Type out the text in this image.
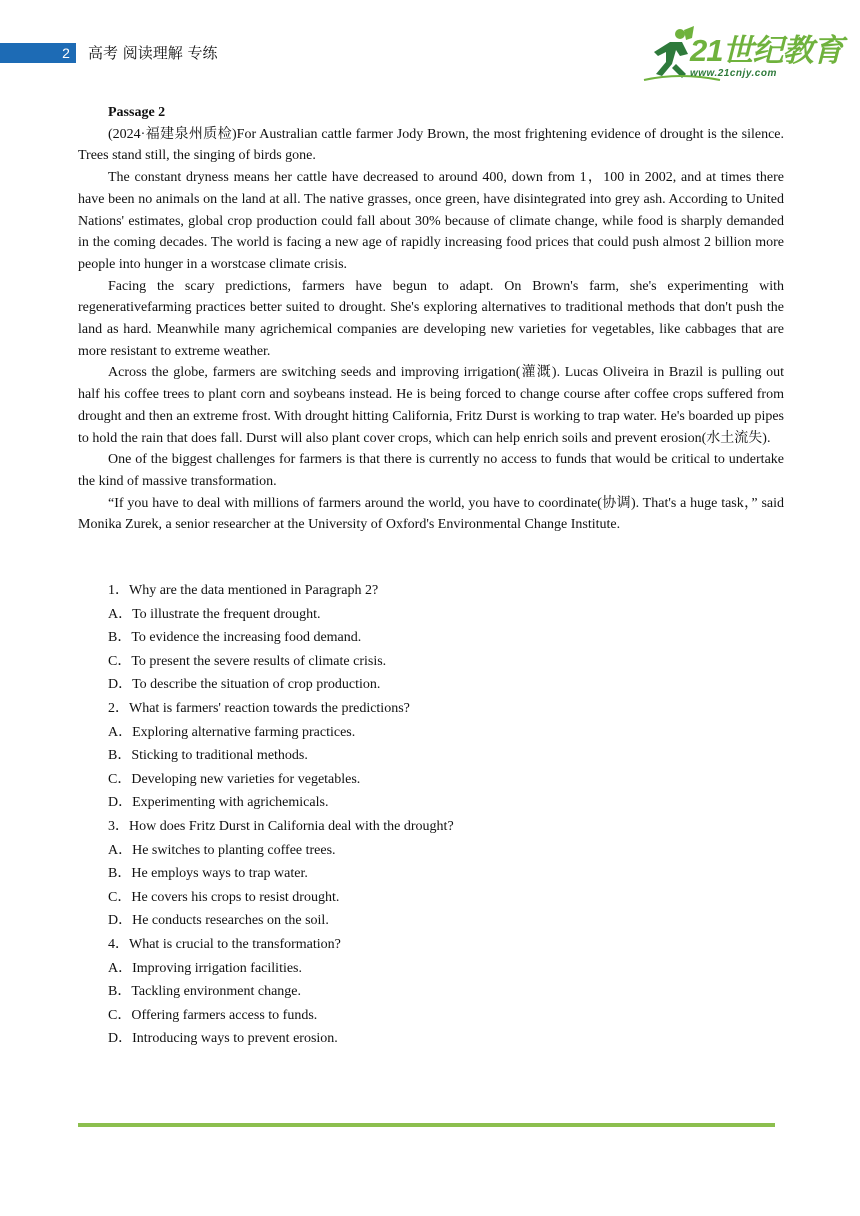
2 高考 阅读理解 专练	21世纪教育
www.21cnjy.com

Passage 2

(2024·福建泉州质检)For Australian cattle farmer Jody Brown, the most frightening evidence of drought is the silence. Trees stand still, the singing of birds gone.

The constant dryness means her cattle have decreased to around 400, down from 1，100 in 2002, and at times there have been no animals on the land at all. The native grasses, once green, have disintegrated into grey ash. According to United Nations' estimates, global crop production could fall about 30% because of climate change, while food is sharply demanded in the coming decades. The world is facing a new age of rapidly increasing food prices that could push almost 2 billion more people into hunger in a worstcase climate crisis.

Facing the scary predictions, farmers have begun to adapt. On Brown's farm, she's experimenting with regenerativefarming practices better suited to drought. She's exploring alternatives to traditional methods that don't push the land as hard. Meanwhile many agrichemical companies are developing new varieties for vegetables, like cabbages that are more resistant to extreme weather.

Across the globe, farmers are switching seeds and improving irrigation(灌溉). Lucas Oliveira in Brazil is pulling out half his coffee trees to plant corn and soybeans instead. He is being forced to change course after coffee crops suffered from drought and then an extreme frost. With drought hitting California, Fritz Durst is working to trap water. He's boarded up pipes to hold the rain that does fall. Durst will also plant cover crops, which can help enrich soils and prevent erosion(水土流失).

One of the biggest challenges for farmers is that there is currently no access to funds that would be critical to undertake the kind of massive transformation.

“If you have to deal with millions of farmers around the world, you have to coordinate(协调). That's a huge task，” said Monika Zurek, a senior researcher at the University of Oxford's Environmental Change Institute.

1．Why are the data mentioned in Paragraph 2?

A．To illustrate the frequent drought.

B．To evidence the increasing food demand.

C．To present the severe results of climate crisis.

D．To describe the situation of crop production.

2．What is farmers' reaction towards the predictions?

A．Exploring alternative farming practices.

B．Sticking to traditional methods.

C．Developing new varieties for vegetables.

D．Experimenting with agrichemicals.

3．How does Fritz Durst in California deal with the drought?

A．He switches to planting coffee trees.

B．He employs ways to trap water.

C．He covers his crops to resist drought.

D．He conducts researches on the soil.

4．What is crucial to the transformation?

A．Improving irrigation facilities.

B．Tackling environment change.

C．Offering farmers access to funds.

D．Introducing ways to prevent erosion.
